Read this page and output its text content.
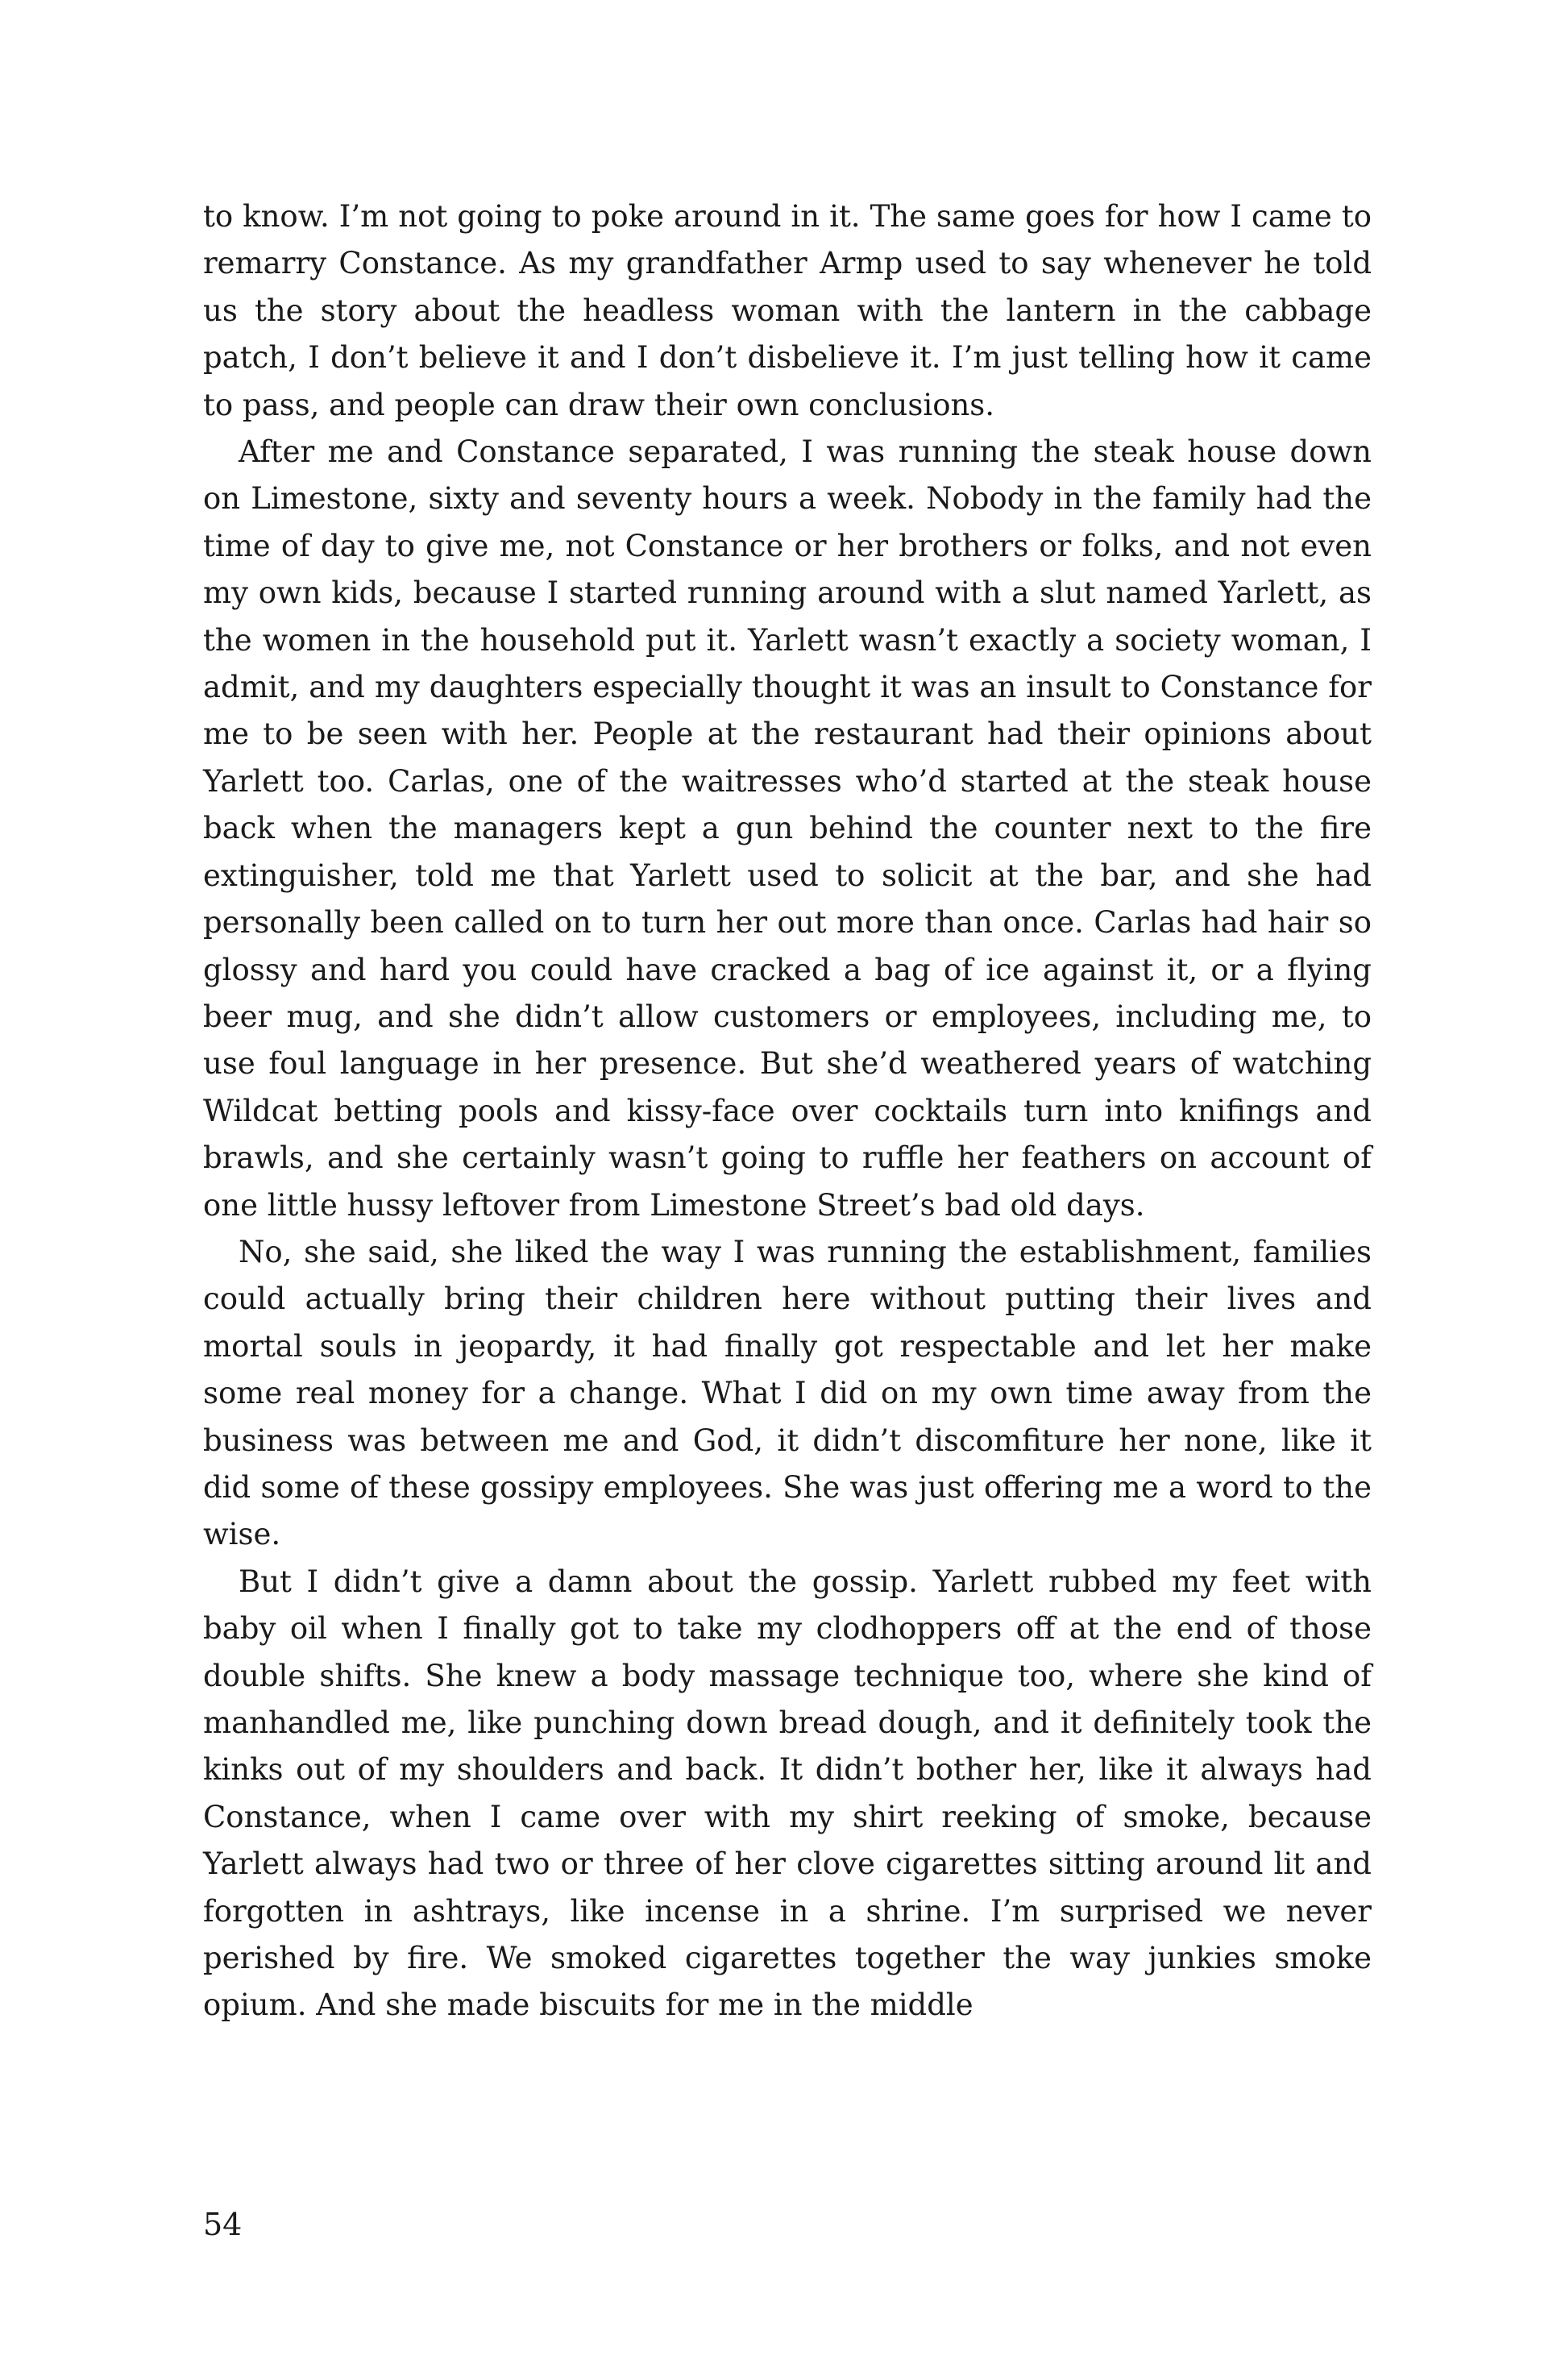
to know. I’m not going to poke around in it. The same goes for how I came to remarry Constance. As my grandfather Armp used to say whenever he told us the story about the headless woman with the lantern in the cabbage patch, I don’t believe it and I don’t disbelieve it. I’m just telling how it came to pass, and people can draw their own conclusions.

After me and Constance separated, I was running the steak house down on Limestone, sixty and seventy hours a week. Nobody in the family had the time of day to give me, not Constance or her brothers or folks, and not even my own kids, because I started running around with a slut named Yarlett, as the women in the household put it. Yarlett wasn’t exactly a society woman, I admit, and my daughters especially thought it was an insult to Constance for me to be seen with her. People at the restaurant had their opinions about Yarlett too. Carlas, one of the waitresses who’d started at the steak house back when the managers kept a gun behind the counter next to the fire extinguisher, told me that Yarlett used to solicit at the bar, and she had personally been called on to turn her out more than once. Carlas had hair so glossy and hard you could have cracked a bag of ice against it, or a flying beer mug, and she didn’t allow customers or employees, including me, to use foul language in her presence. But she’d weathered years of watching Wildcat betting pools and kissy-face over cocktails turn into knifings and brawls, and she certainly wasn’t going to ruffle her feathers on account of one little hussy leftover from Limestone Street’s bad old days.

No, she said, she liked the way I was running the establishment, families could actually bring their children here without putting their lives and mortal souls in jeopardy, it had finally got respectable and let her make some real money for a change. What I did on my own time away from the business was between me and God, it didn’t discomfiture her none, like it did some of these gossipy employees. She was just offering me a word to the wise.

But I didn’t give a damn about the gossip. Yarlett rubbed my feet with baby oil when I finally got to take my clodhoppers off at the end of those double shifts. She knew a body massage technique too, where she kind of manhandled me, like punching down bread dough, and it definitely took the kinks out of my shoulders and back. It didn’t bother her, like it always had Constance, when I came over with my shirt reeking of smoke, because Yarlett always had two or three of her clove cigarettes sitting around lit and forgotten in ashtrays, like incense in a shrine. I’m surprised we never perished by fire. We smoked cigarettes together the way junkies smoke opium. And she made biscuits for me in the middle

54
